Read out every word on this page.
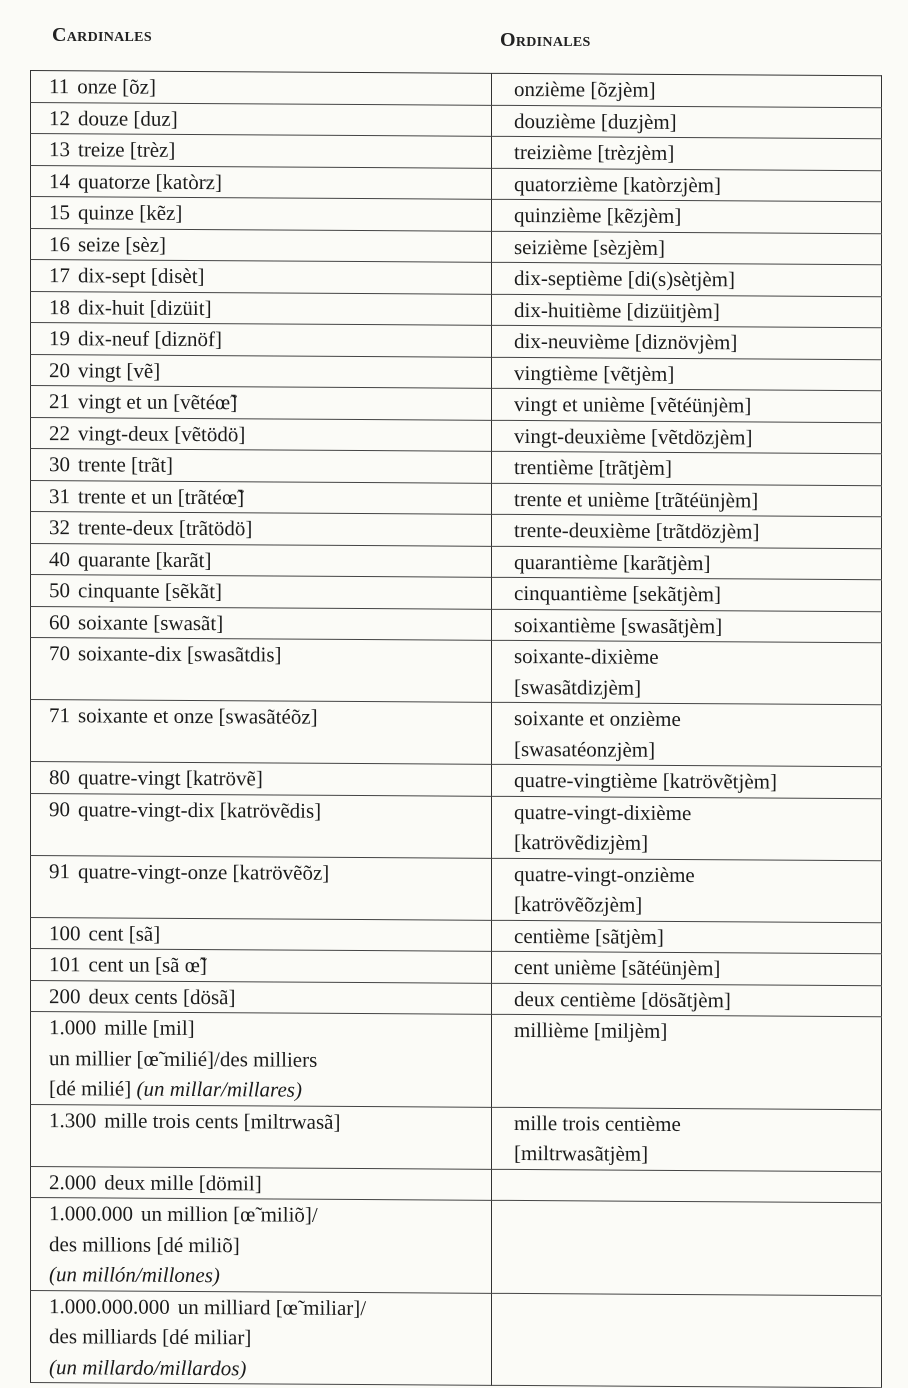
Cardinales	Ordinales
11 onze [õz]	onzième [õzjèm]

12 douze [duz]	douzième [duzjèm]

13 treize [trèz]	treizième [trèzjèm]

14 quatorze [katòrz]	quatorzième [katòrzjèm]

15 quinze [kẽz]	quinzième [kẽzjèm]

16 seize [sèz]	seizième [sèzjèm]

17 dix-sept [disèt]	dix-septième [di(s)sètjèm]

18 dix-huit [dizüit]	dix-huitième [dizüitjèm]

19 dix-neuf [diznöf]	dix-neuvième [diznövjèm]

20 vingt [vẽ]	vingtième [vẽtjèm]

21 vingt et un [vẽtéœ̃]	vingt et unième [vẽtéünjèm]

22 vingt-deux [vẽtödö]	vingt-deuxième [vẽtdözjèm]

30 trente [trãt]	trentième [trãtjèm]

31 trente et un [trãtéœ̃]	trente et unième [trãtéünjèm]

32 trente-deux [trãtödö]	trente-deuxième [trãtdözjèm]

40 quarante [karãt]	quarantième [karãtjèm]

50 cinquante [sẽkãt]	cinquantième [sekãtjèm]

60 soixante [swasãt]	soixantième [swasãtjèm]

70 soixante-dix [swasãtdis]	soixante-dixième
[swasãtdizjèm]

71 soixante et onze [swasãtéõz]	soixante et onzième
[swasatéonzjèm]

80 quatre-vingt [katrövẽ]	quatre-vingtième [katrövẽtjèm]

90 quatre-vingt-dix [katrövẽdis]	quatre-vingt-dixième
[katrövẽdizjèm]

91 quatre-vingt-onze [katrövẽõz]	quatre-vingt-onzième
[katrövẽõzjèm]

100 cent [sã]	centième [sãtjèm]

101 cent un [sã œ̃]	cent unième [sãtéünjèm]

200 deux cents [dösã]	deux centième [dösãtjèm]

1.000 mille [mil]
un millier [œ̃ milié]/des milliers
[dé milié] (un millar/millares)	millième [miljèm]

1.300 mille trois cents [miltrwasã]	mille trois centième
[miltrwasãtjèm]

2.000 deux mille [dömil]	

1.000.000 un million [œ̃ miliõ]/
des millions [dé miliõ]
(un millón/millones)	

1.000.000.000 un milliard [œ̃ miliar]/
des milliards [dé miliar]
(un millardo/millardos)	
